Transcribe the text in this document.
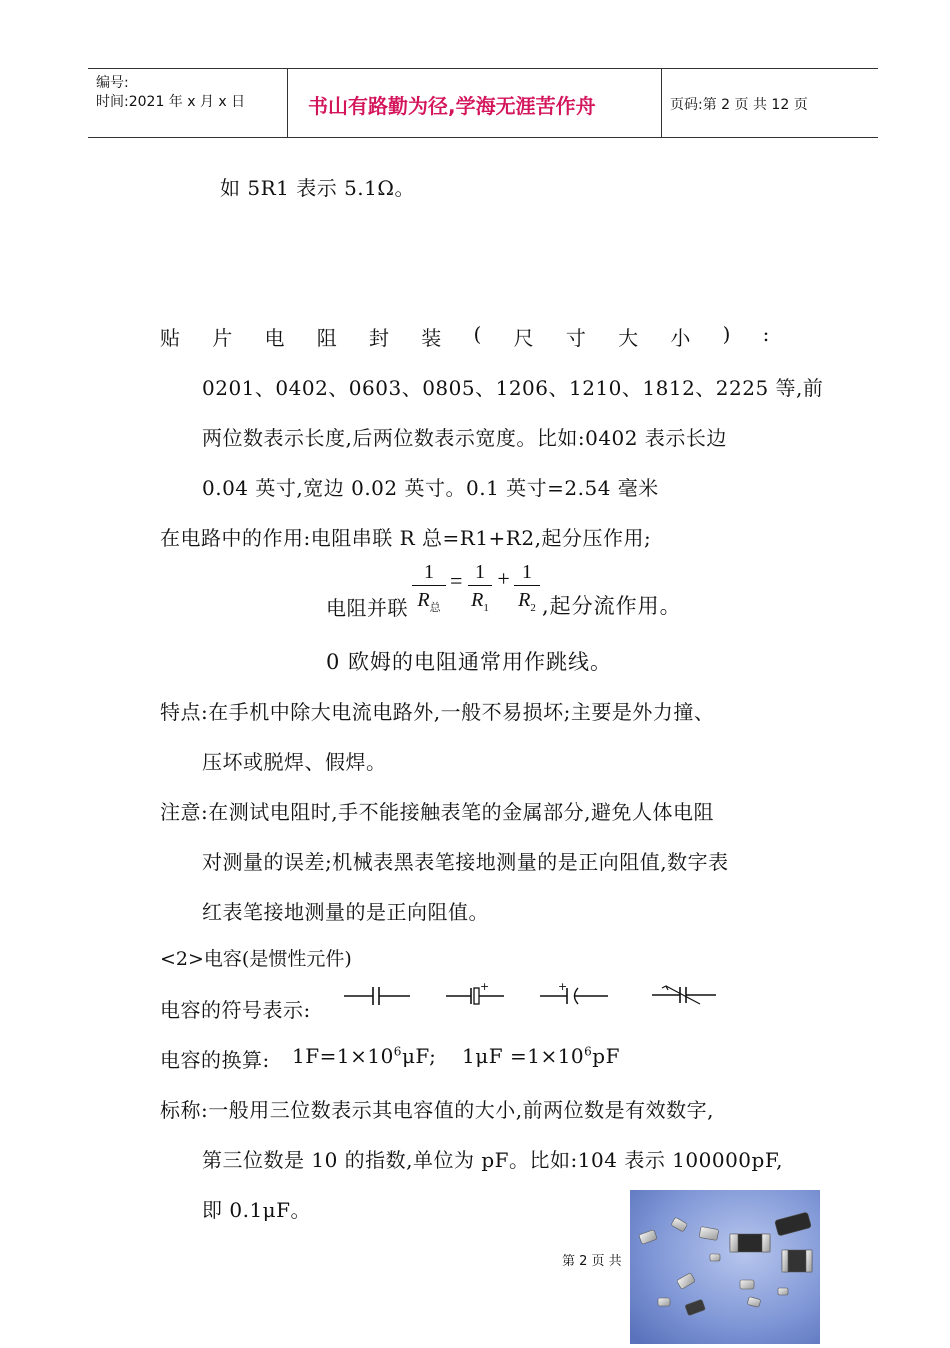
编号:
时间:2021 年 x 月 x 日	书山有路勤为径,学海无涯苦作舟	页码:第 2 页 共 12 页
如 5R1 表示 5.1Ω。
贴 片 电 阻 封 装 ( 尺 寸 大 小 ) :
0201、0402、0603、0805、1206、1210、1812、2225 等,前
两位数表示长度,后两位数表示宽度。比如:0402 表示长边
0.04 英寸,宽边 0.02 英寸。0.1 英寸=2.54 毫米
在电路中的作用:电阻串联 R 总=R1+R2,起分压作用;
电阻并联
1
$R_总$
= 1
$R_1$
+ 1
$R_2$ ,起分流作用。
0 欧姆的电阻通常用作跳线。
特点:在手机中除大电流电路外,一般不易损坏;主要是外力撞、
压坏或脱焊、假焊。
注意:在测试电阻时,手不能接触表笔的金属部分,避免人体电阻
对测量的误差;机械表黑表笔接地测量的是正向阻值,数字表
红表笔接地测量的是正向阻值。
<2>电容(是惯性元件)
电容的符号表示:
+	+
电容的换算: $1F=1\times 10^6\mu F$; $1\mu F =1\times 10^6pF$
标称:一般用三位数表示其电容值的大小,前两位数是有效数字,
第三位数是 10 的指数,单位为 pF。比如:104 表示 100000pF,
即 0.1μF。
第 2 页 共
